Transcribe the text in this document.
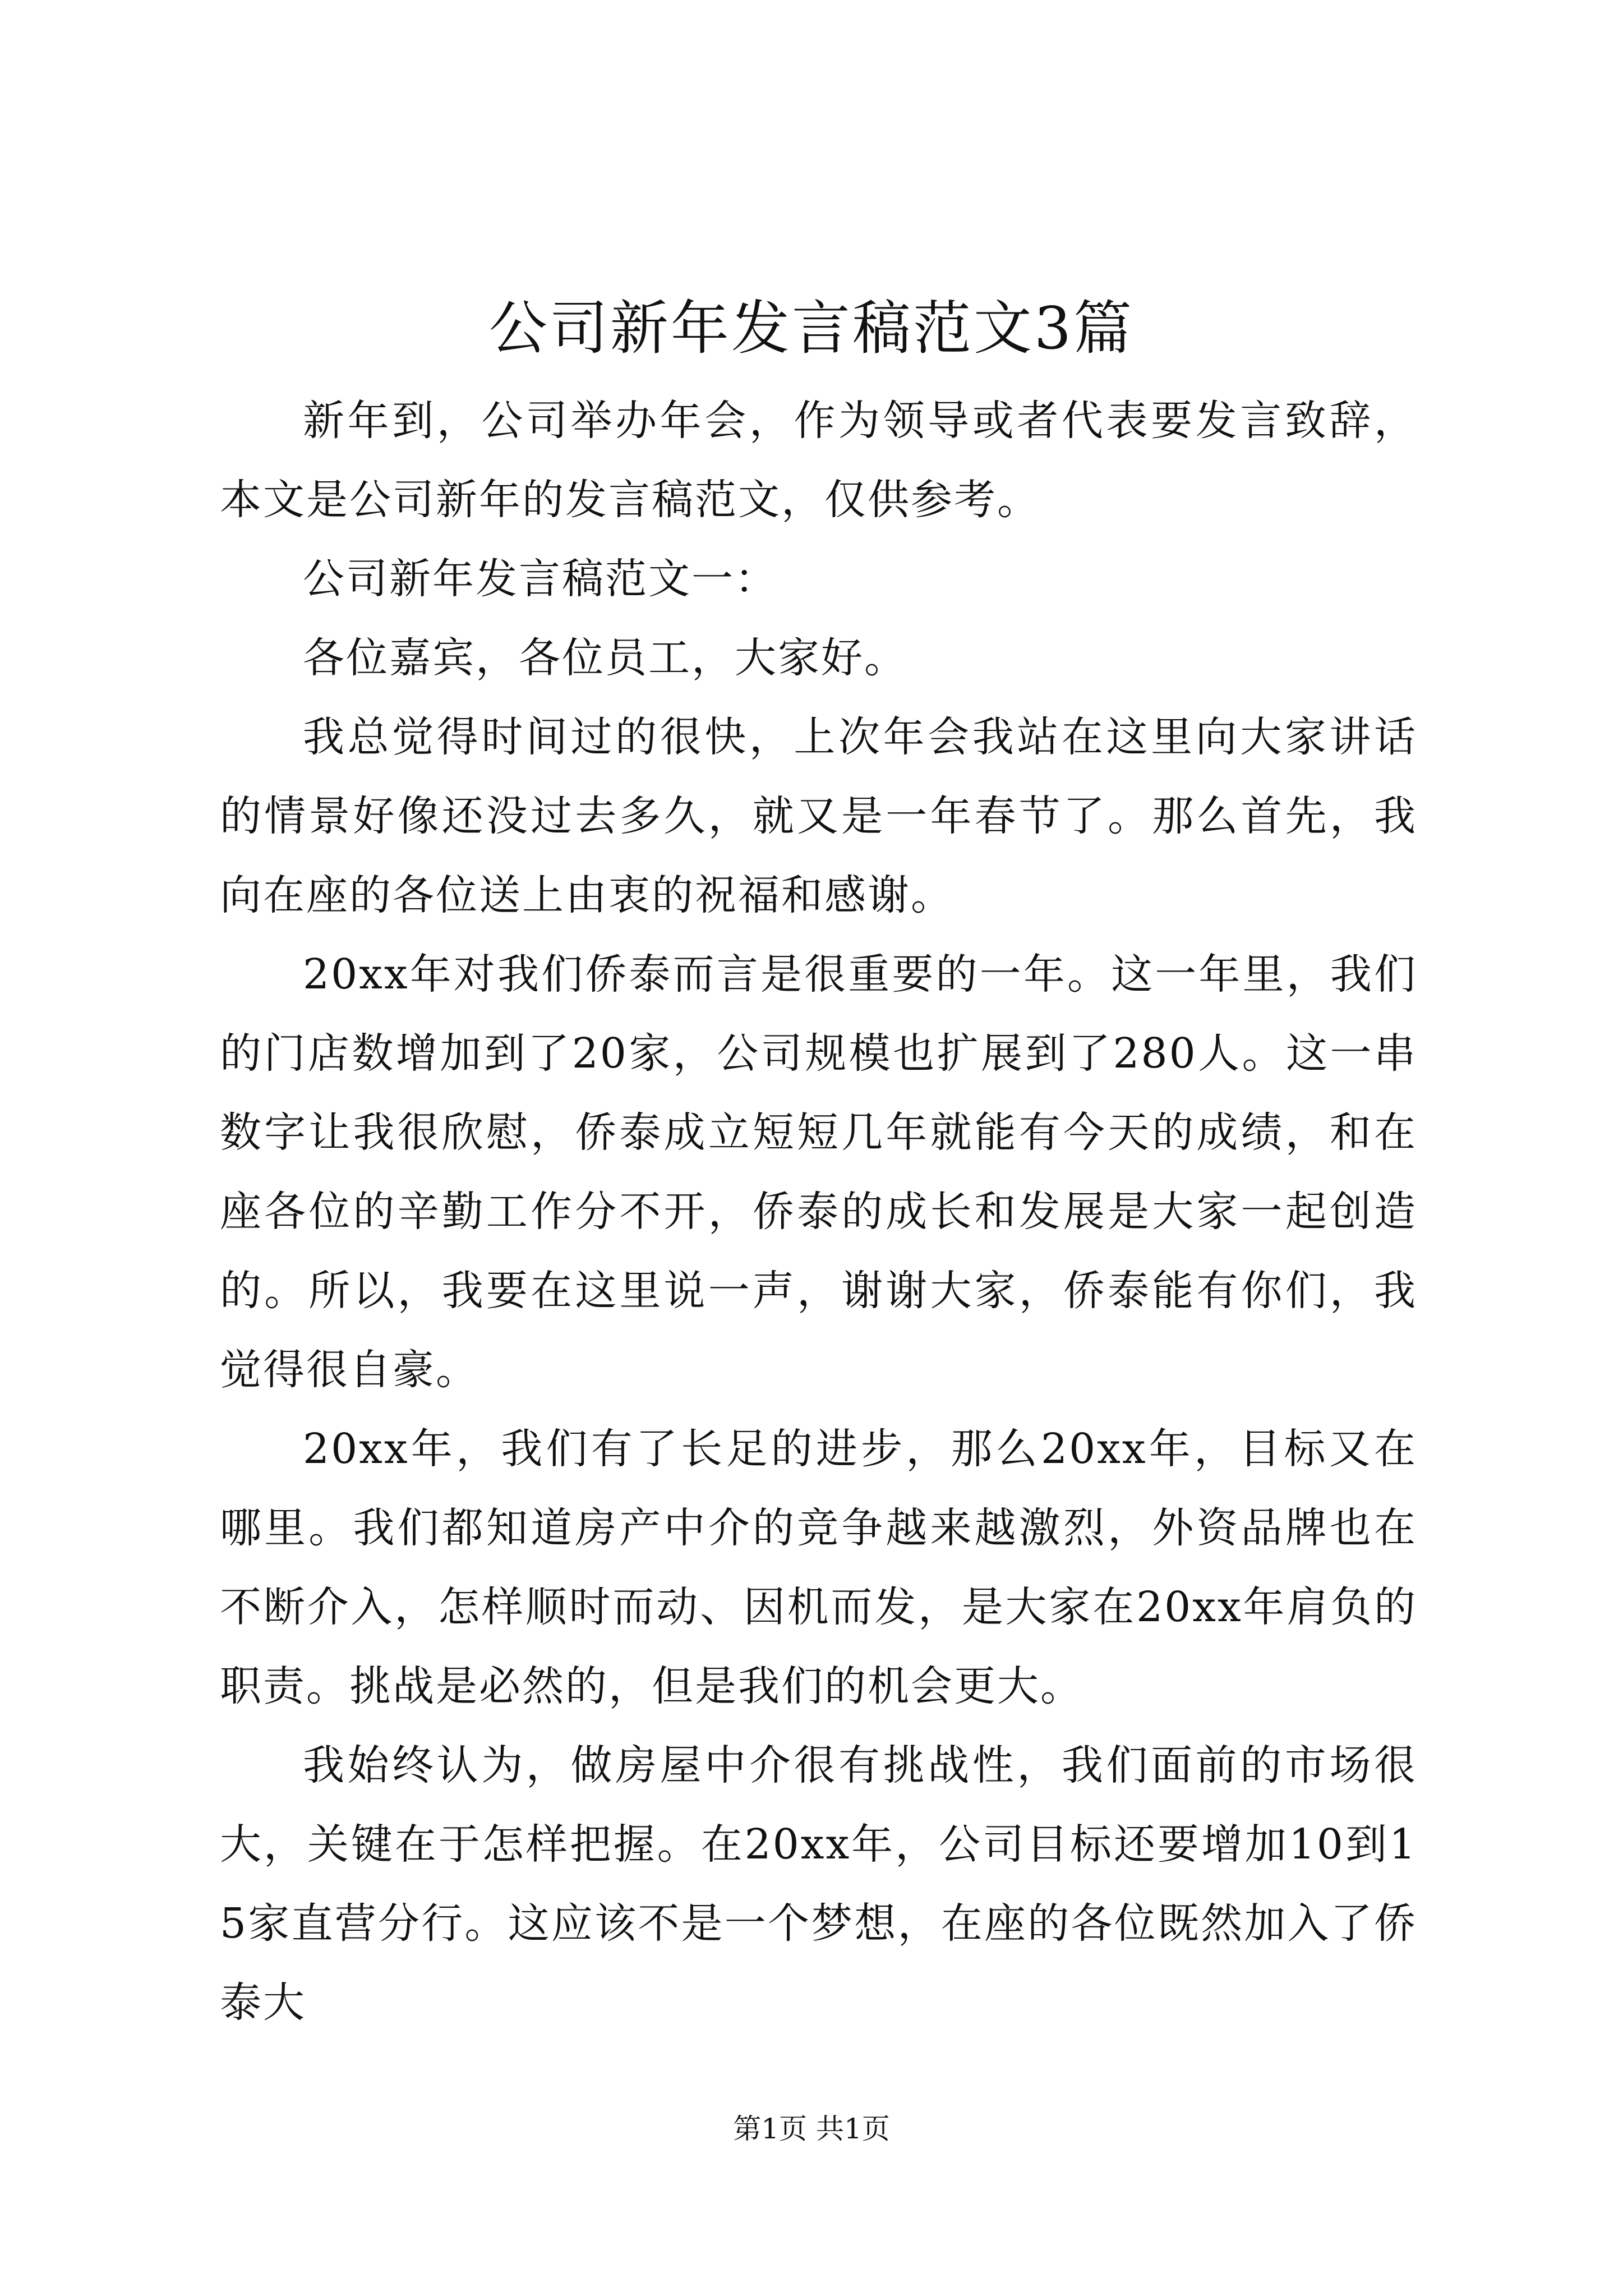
公司新年发言稿范文3篇

新年到，公司举办年会，作为领导或者代表要发言致辞，本文是公司新年的发言稿范文，仅供参考。

公司新年发言稿范文一：

各位嘉宾，各位员工，大家好。

我总觉得时间过的很快，上次年会我站在这里向大家讲话的情景好像还没过去多久，就又是一年春节了。那么首先，我向在座的各位送上由衷的祝福和感谢。

20xx年对我们侨泰而言是很重要的一年。这一年里，我们的门店数增加到了20家，公司规模也扩展到了280人。这一串数字让我很欣慰，侨泰成立短短几年就能有今天的成绩，和在座各位的辛勤工作分不开，侨泰的成长和发展是大家一起创造的。所以，我要在这里说一声，谢谢大家，侨泰能有你们，我觉得很自豪。

20xx年，我们有了长足的进步，那么20xx年，目标又在哪里。我们都知道房产中介的竞争越来越激烈，外资品牌也在不断介入，怎样顺时而动、因机而发，是大家在20xx年肩负的职责。挑战是必然的，但是我们的机会更大。

我始终认为，做房屋中介很有挑战性，我们面前的市场很大，关键在于怎样把握。在20xx年，公司目标还要增加10到15家直营分行。这应该不是一个梦想，在座的各位既然加入了侨泰大

第1页 共1页
